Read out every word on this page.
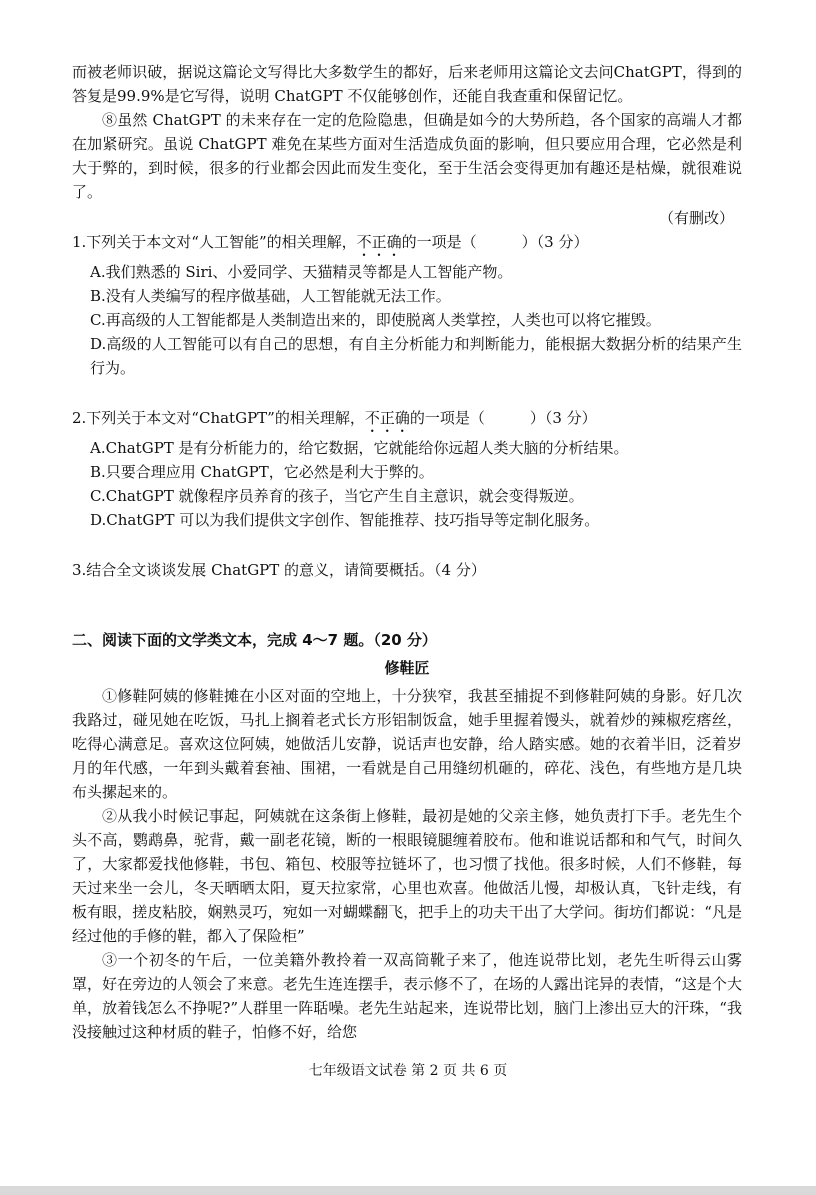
而被老师识破，据说这篇论文写得比大多数学生的都好，后来老师用这篇论文去问ChatGPT，得到的答复是99.9%是它写得，说明 ChatGPT 不仅能够创作，还能自我查重和保留记忆。

⑧虽然 ChatGPT 的未来存在一定的危险隐患，但确是如今的大势所趋，各个国家的高端人才都在加紧研究。虽说 ChatGPT 难免在某些方面对生活造成负面的影响，但只要应用合理，它必然是利大于弊的，到时候，很多的行业都会因此而发生变化，至于生活会变得更加有趣还是枯燥，就很难说了。

（有删改）

1.下列关于本文对“人工智能”的相关理解，不正确的一项是（　　　）（3 分）

A.我们熟悉的 Siri、小爱同学、天猫精灵等都是人工智能产物。

B.没有人类编写的程序做基础，人工智能就无法工作。

C.再高级的人工智能都是人类制造出来的，即使脱离人类掌控，人类也可以将它摧毁。

D.高级的人工智能可以有自己的思想，有自主分析能力和判断能力，能根据大数据分析的结果产生行为。

2.下列关于本文对“ChatGPT”的相关理解，不正确的一项是（　　　）（3 分）

A.ChatGPT 是有分析能力的，给它数据，它就能给你远超人类大脑的分析结果。

B.只要合理应用 ChatGPT，它必然是利大于弊的。

C.ChatGPT 就像程序员养育的孩子，当它产生自主意识，就会变得叛逆。

D.ChatGPT 可以为我们提供文字创作、智能推荐、技巧指导等定制化服务。

3.结合全文谈谈发展 ChatGPT 的意义，请简要概括。（4 分）

二、阅读下面的文学类文本，完成 4～7 题。（20 分）

修鞋匠

①修鞋阿姨的修鞋摊在小区对面的空地上，十分狭窄，我甚至捕捉不到修鞋阿姨的身影。好几次我路过，碰见她在吃饭，马扎上搁着老式长方形铝制饭盒，她手里握着馒头，就着炒的辣椒疙瘩丝，吃得心满意足。喜欢这位阿姨，她做活儿安静，说话声也安静，给人踏实感。她的衣着半旧，泛着岁月的年代感，一年到头戴着套袖、围裙，一看就是自己用缝纫机砸的，碎花、浅色，有些地方是几块布头摞起来的。

②从我小时候记事起，阿姨就在这条街上修鞋，最初是她的父亲主修，她负责打下手。老先生个头不高，鹦鹉鼻，驼背，戴一副老花镜，断的一根眼镜腿缠着胶布。他和谁说话都和和气气，时间久了，大家都爱找他修鞋，书包、箱包、校服等拉链坏了，也习惯了找他。很多时候，人们不修鞋，每天过来坐一会儿，冬天晒晒太阳，夏天拉家常，心里也欢喜。他做活儿慢，却极认真，飞针走线，有板有眼，搓皮粘胶，娴熟灵巧，宛如一对蝴蝶翻飞，把手上的功夫干出了大学问。街坊们都说：“凡是经过他的手修的鞋，都入了保险柜”

③一个初冬的午后，一位美籍外教拎着一双高筒靴子来了，他连说带比划，老先生听得云山雾罩，好在旁边的人领会了来意。老先生连连摆手，表示修不了，在场的人露出诧异的表情，“这是个大单，放着钱怎么不挣呢?”人群里一阵聒噪。老先生站起来，连说带比划，脑门上渗出豆大的汗珠，“我没接触过这种材质的鞋子，怕修不好，给您

七年级语文试卷 第 2 页 共 6 页
